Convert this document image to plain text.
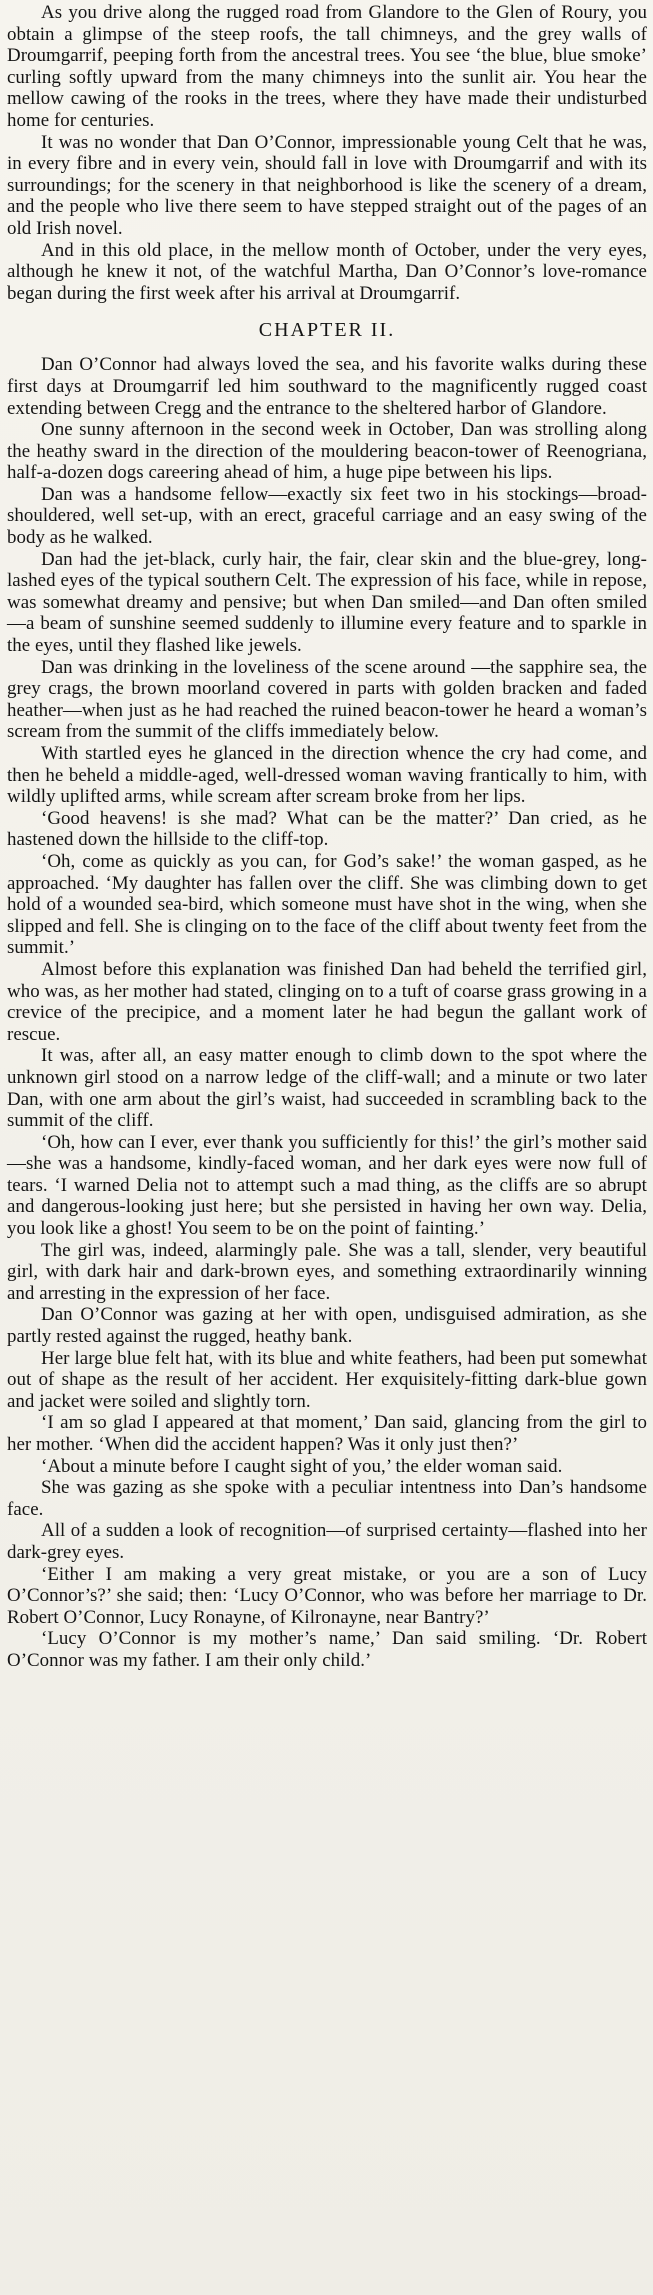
As you drive along the rugged road from Glandore to the Glen of Roury, you obtain a glimpse of the steep roofs, the tall chimneys, and the grey walls of Droumgarrif, peeping forth from the ancestral trees. You see ‘the blue, blue smoke’ curling softly upward from the many chimneys into the sunlit air. You hear the mellow cawing of the rooks in the trees, where they have made their undisturbed home for centuries.

It was no wonder that Dan O’Connor, impressionable young Celt that he was, in every fibre and in every vein, should fall in love with Droumgarrif and with its surroundings; for the scenery in that neighborhood is like the scenery of a dream, and the people who live there seem to have stepped straight out of the pages of an old Irish novel.

And in this old place, in the mellow month of October, under the very eyes, although he knew it not, of the watchful Martha, Dan O’Connor’s love-romance began during the first week after his arrival at Droumgarrif.

CHAPTER II.

Dan O’Connor had always loved the sea, and his favorite walks during these first days at Droumgarrif led him southward to the magnificently rugged coast extending between Cregg and the entrance to the sheltered harbor of Glandore.

One sunny afternoon in the second week in October, Dan was strolling along the heathy sward in the direction of the mouldering beacon-tower of Reenogriana, half-a-dozen dogs careering ahead of him, a huge pipe between his lips.

Dan was a handsome fellow—exactly six feet two in his stockings—broad-shouldered, well set-up, with an erect, graceful carriage and an easy swing of the body as he walked.

Dan had the jet-black, curly hair, the fair, clear skin and the blue-grey, long-lashed eyes of the typical southern Celt. The expression of his face, while in repose, was somewhat dreamy and pensive; but when Dan smiled—and Dan often smiled—a beam of sunshine seemed suddenly to illumine every feature and to sparkle in the eyes, until they flashed like jewels.

Dan was drinking in the loveliness of the scene around —the sapphire sea, the grey crags, the brown moorland covered in parts with golden bracken and faded heather—when just as he had reached the ruined beacon-tower he heard a woman’s scream from the summit of the cliffs immediately below.

With startled eyes he glanced in the direction whence the cry had come, and then he beheld a middle-aged, well-dressed woman waving frantically to him, with wildly uplifted arms, while scream after scream broke from her lips.

‘Good heavens! is she mad? What can be the matter?’ Dan cried, as he hastened down the hillside to the cliff-top.

‘Oh, come as quickly as you can, for God’s sake!’ the woman gasped, as he approached. ‘My daughter has fallen over the cliff. She was climbing down to get hold of a wounded sea-bird, which someone must have shot in the wing, when she slipped and fell. She is clinging on to the face of the cliff about twenty feet from the summit.’

Almost before this explanation was finished Dan had beheld the terrified girl, who was, as her mother had stated, clinging on to a tuft of coarse grass growing in a crevice of the precipice, and a moment later he had begun the gallant work of rescue.

It was, after all, an easy matter enough to climb down to the spot where the unknown girl stood on a narrow ledge of the cliff-wall; and a minute or two later Dan, with one arm about the girl’s waist, had succeeded in scrambling back to the summit of the cliff.

‘Oh, how can I ever, ever thank you sufficiently for this!’ the girl’s mother said—she was a handsome, kindly-faced woman, and her dark eyes were now full of tears. ‘I warned Delia not to attempt such a mad thing, as the cliffs are so abrupt and dangerous-looking just here; but she persisted in having her own way. Delia, you look like a ghost! You seem to be on the point of fainting.’

The girl was, indeed, alarmingly pale. She was a tall, slender, very beautiful girl, with dark hair and dark-brown eyes, and something extraordinarily winning and arresting in the expression of her face.

Dan O’Connor was gazing at her with open, undisguised admiration, as she partly rested against the rugged, heathy bank.

Her large blue felt hat, with its blue and white feathers, had been put somewhat out of shape as the result of her accident. Her exquisitely-fitting dark-blue gown and jacket were soiled and slightly torn.

‘I am so glad I appeared at that moment,’ Dan said, glancing from the girl to her mother. ‘When did the accident happen? Was it only just then?’

‘About a minute before I caught sight of you,’ the elder woman said.

She was gazing as she spoke with a peculiar intentness into Dan’s handsome face.

All of a sudden a look of recognition—of surprised certainty—flashed into her dark-grey eyes.

‘Either I am making a very great mistake, or you are a son of Lucy O’Connor’s?’ she said; then: ‘Lucy O’Connor, who was before her marriage to Dr. Robert O’Connor, Lucy Ronayne, of Kilronayne, near Bantry?’

‘Lucy O’Connor is my mother’s name,’ Dan said smiling. ‘Dr. Robert O’Connor was my father. I am their only child.’
